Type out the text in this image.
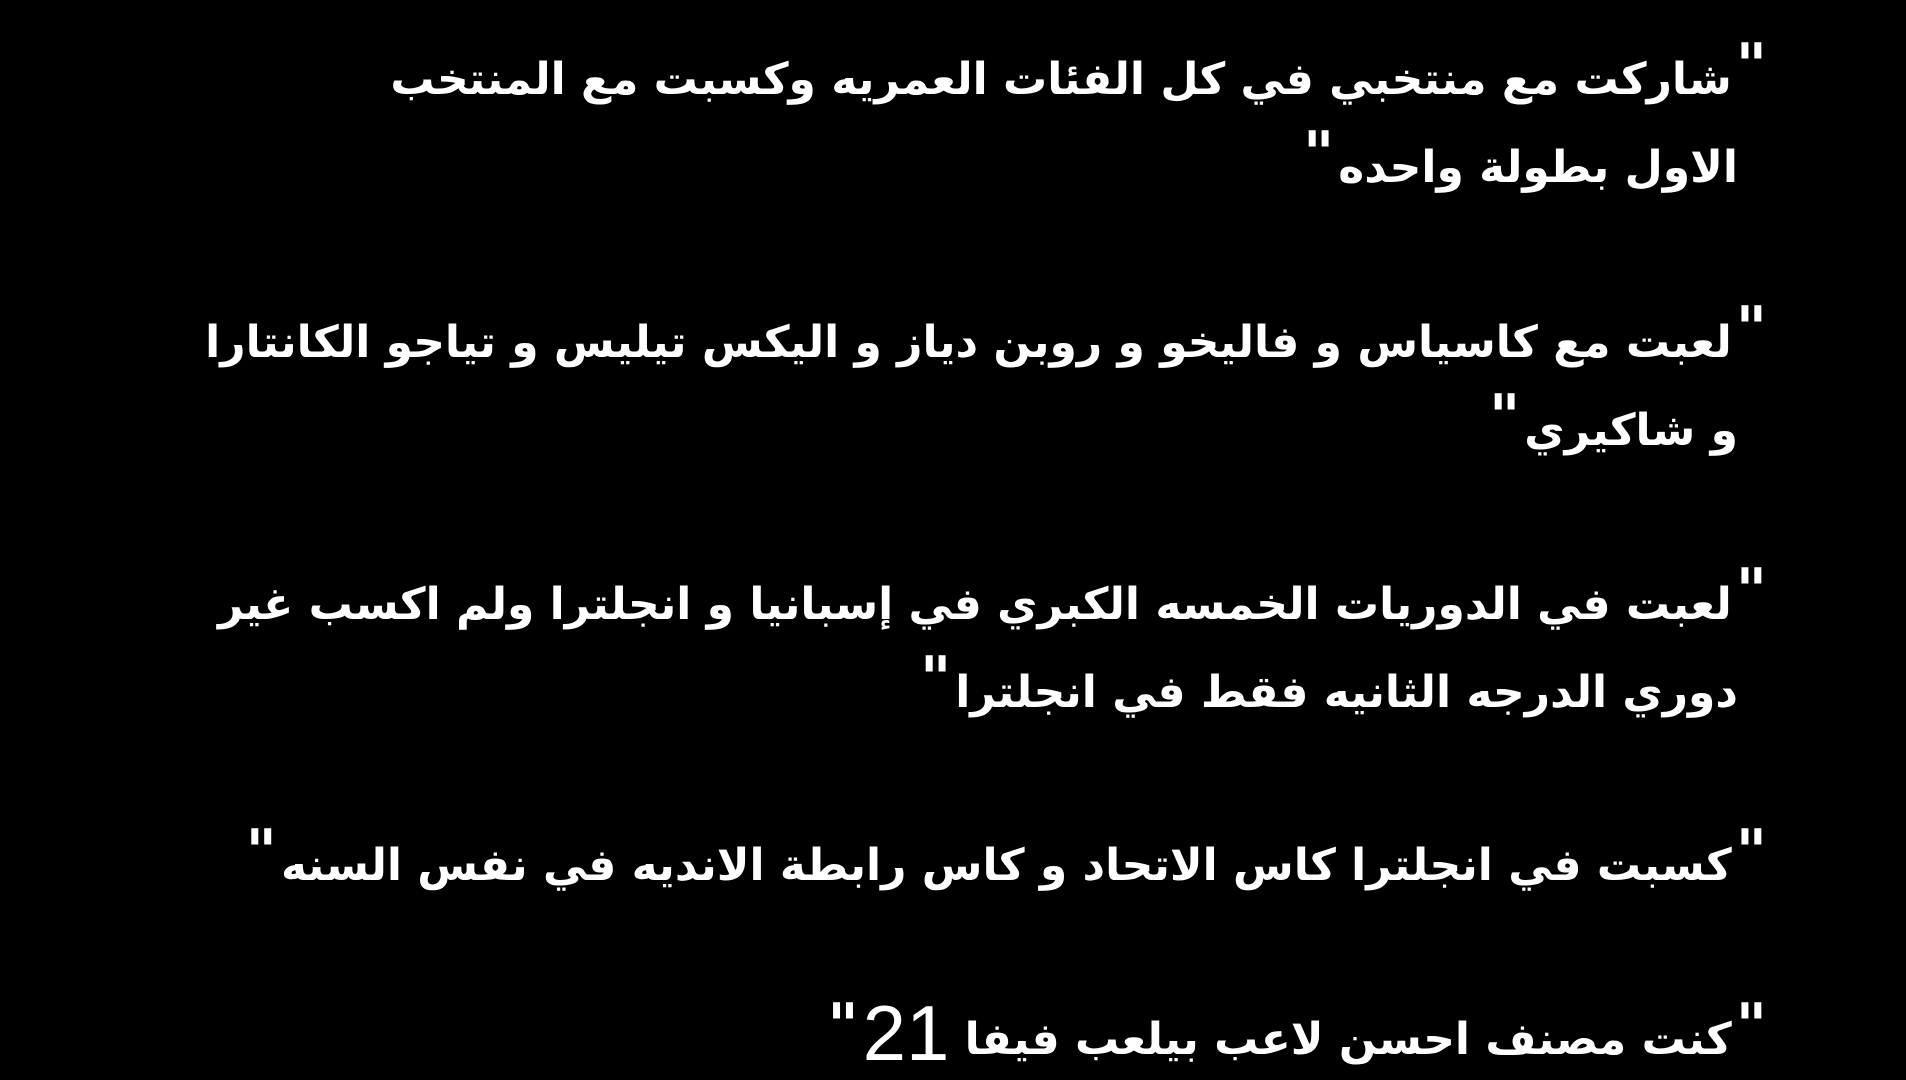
"شاركت مع منتخبي في كل الفئات العمريه وكسبت مع المنتخب
الاول بطولة واحده"
"لعبت مع كاسياس و فاليخو و روبن دياز و اليكس تيليس و تياجو الكانتارا
و شاكيري"
"لعبت في الدوريات الخمسه الكبري في إسبانيا و انجلترا ولم اكسب غير
دوري الدرجه الثانيه فقط في انجلترا"
"كسبت في انجلترا كاس الاتحاد و كاس رابطة الانديه في نفس السنه"
"كنت مصنف احسن لاعب بيلعب فيفا 21"
